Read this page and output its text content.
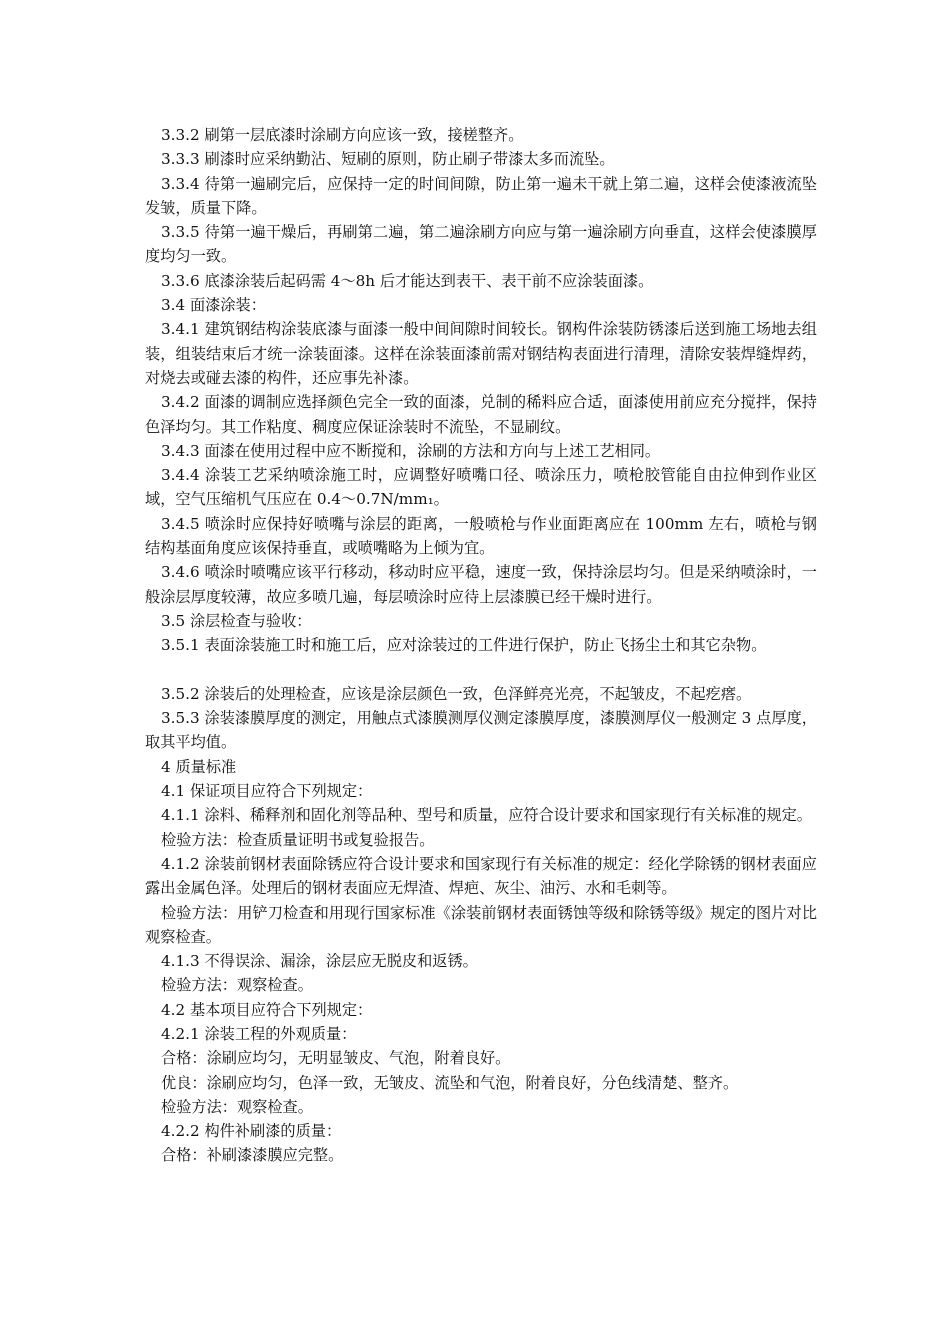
3.3.2 刷第一层底漆时涂刷方向应该一致，接槎整齐。

3.3.3 刷漆时应采纳勤沾、短刷的原则，防止刷子带漆太多而流坠。

3.3.4 待第一遍刷完后，应保持一定的时间间隙，防止第一遍未干就上第二遍，这样会使漆液流坠发皱，质量下降。

3.3.5 待第一遍干燥后，再刷第二遍，第二遍涂刷方向应与第一遍涂刷方向垂直，这样会使漆膜厚度均匀一致。

3.3.6 底漆涂装后起码需 4～8h 后才能达到表干、表干前不应涂装面漆。

3.4 面漆涂装：

3.4.1 建筑钢结构涂装底漆与面漆一般中间间隙时间较长。钢构件涂装防锈漆后送到施工场地去组装，组装结束后才统一涂装面漆。这样在涂装面漆前需对钢结构表面进行清理，清除安装焊缝焊药，对烧去或碰去漆的构件，还应事先补漆。

3.4.2 面漆的调制应选择颜色完全一致的面漆，兑制的稀料应合适，面漆使用前应充分搅拌，保持色泽均匀。其工作粘度、稠度应保证涂装时不流坠，不显刷纹。

3.4.3 面漆在使用过程中应不断搅和，涂刷的方法和方向与上述工艺相同。

3.4.4 涂装工艺采纳喷涂施工时，应调整好喷嘴口径、喷涂压力，喷枪胶管能自由拉伸到作业区域，空气压缩机气压应在 0.4～0.7N/mm₁。

3.4.5 喷涂时应保持好喷嘴与涂层的距离，一般喷枪与作业面距离应在 100mm 左右，喷枪与钢结构基面角度应该保持垂直，或喷嘴略为上倾为宜。

3.4.6 喷涂时喷嘴应该平行移动，移动时应平稳，速度一致，保持涂层均匀。但是采纳喷涂时，一般涂层厚度较薄，故应多喷几遍，每层喷涂时应待上层漆膜已经干燥时进行。

3.5 涂层检查与验收：

3.5.1 表面涂装施工时和施工后，应对涂装过的工件进行保护，防止飞扬尘土和其它杂物。

3.5.2 涂装后的处理检查，应该是涂层颜色一致，色泽鲜亮光亮，不起皱皮，不起疙瘩。

3.5.3 涂装漆膜厚度的测定，用触点式漆膜测厚仪测定漆膜厚度，漆膜测厚仪一般测定 3 点厚度，取其平均值。

4 质量标准

4.1 保证项目应符合下列规定：

4.1.1 涂料、稀释剂和固化剂等品种、型号和质量，应符合设计要求和国家现行有关标准的规定。

检验方法：检查质量证明书或复验报告。

4.1.2 涂装前钢材表面除锈应符合设计要求和国家现行有关标准的规定：经化学除锈的钢材表面应露出金属色泽。处理后的钢材表面应无焊渣、焊疤、灰尘、油污、水和毛刺等。

检验方法：用铲刀检查和用现行国家标准《涂装前钢材表面锈蚀等级和除锈等级》规定的图片对比观察检查。

4.1.3 不得误涂、漏涂，涂层应无脱皮和返锈。

检验方法：观察检查。

4.2 基本项目应符合下列规定：

4.2.1 涂装工程的外观质量：

合格：涂刷应均匀，无明显皱皮、气泡，附着良好。

优良：涂刷应均匀，色泽一致，无皱皮、流坠和气泡，附着良好，分色线清楚、整齐。

检验方法：观察检查。

4.2.2 构件补刷漆的质量：

合格：补刷漆漆膜应完整。
